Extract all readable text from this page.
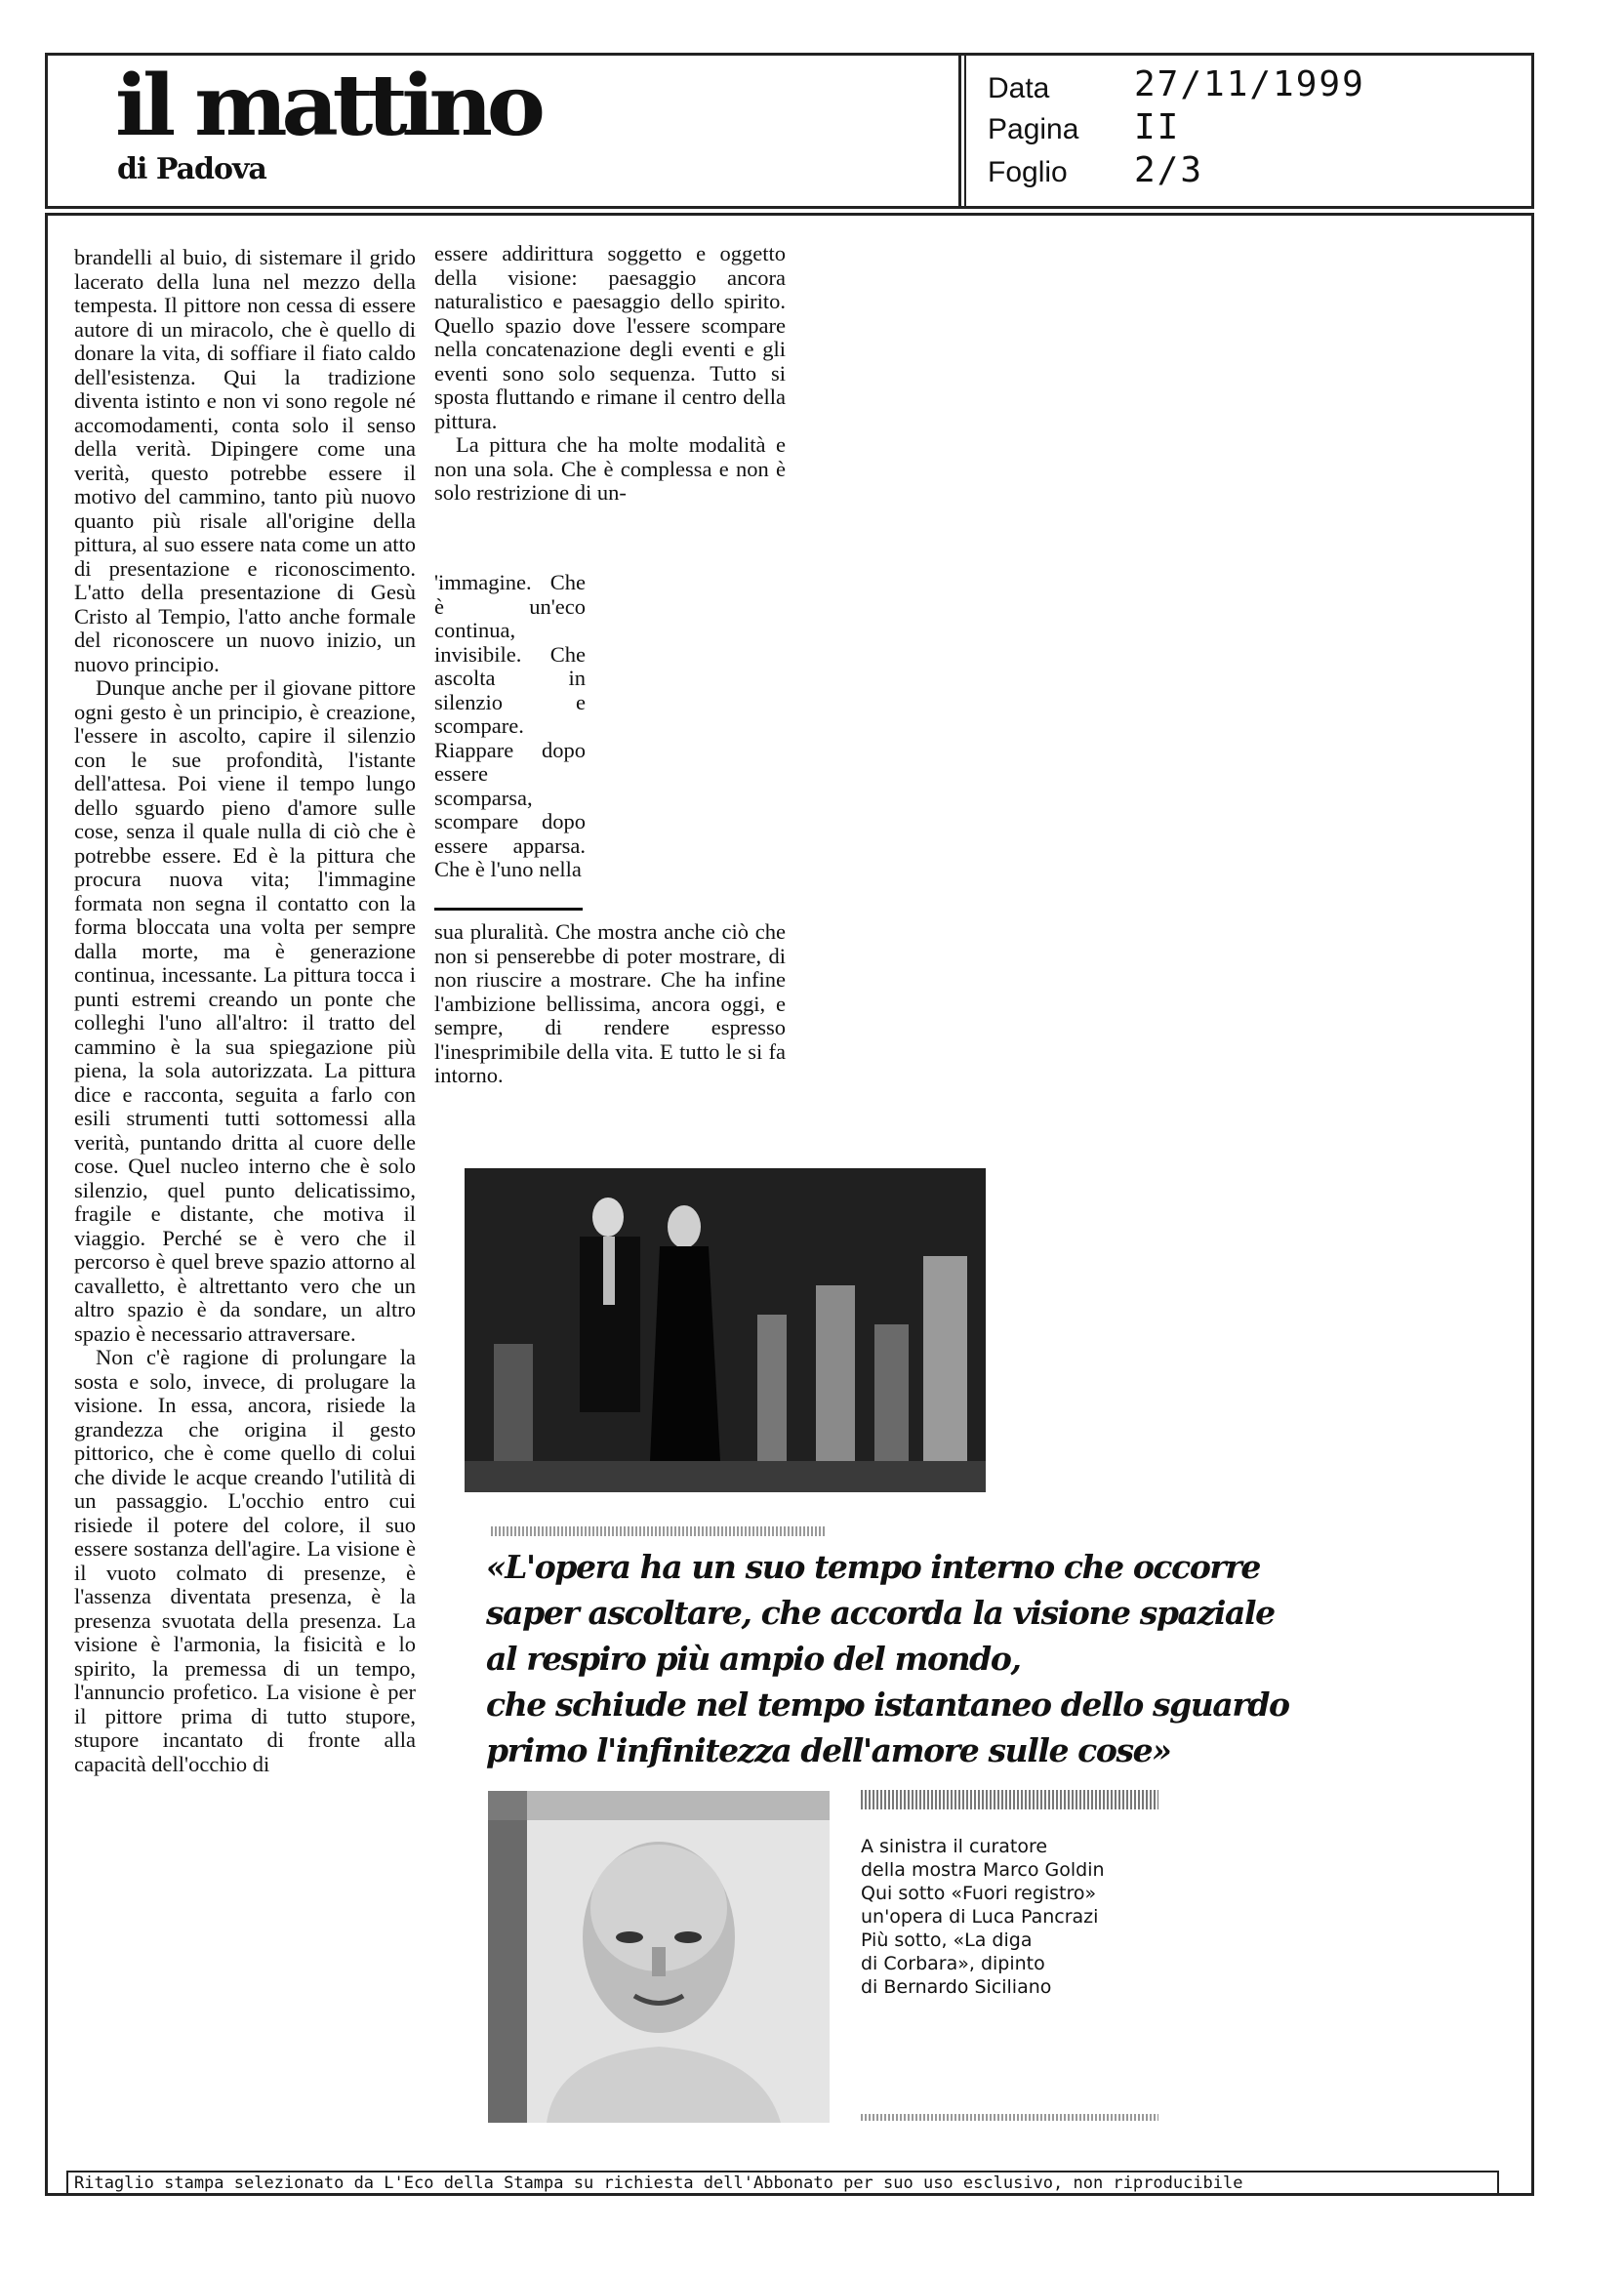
il mattino
di Padova
Data 27/11/1999
Pagina II
Foglio 2/3

brandelli al buio, di sistemare il grido lacerato della luna nel mezzo della tempesta. Il pittore non cessa di essere autore di un miracolo, che è quello di donare la vita, di soffiare il fiato caldo dell'esistenza. Qui la tradizione diventa istinto e non vi sono regole né accomodamenti, conta solo il senso della verità. Dipingere come una verità, questo potrebbe essere il motivo del cammino, tanto più nuovo quanto più risale all'origine della pittura, al suo essere nata come un atto di presentazione e riconoscimento. L'atto della presentazione di Gesù Cristo al Tempio, l'atto anche formale del riconoscere un nuovo inizio, un nuovo principio.

Dunque anche per il giovane pittore ogni gesto è un principio, è creazione, l'essere in ascolto, capire il silenzio con le sue profondità, l'istante dell'attesa. Poi viene il tempo lungo dello sguardo pieno d'amore sulle cose, senza il quale nulla di ciò che è potrebbe essere. Ed è la pittura che procura nuova vita; l'immagine formata non segna il contatto con la forma bloccata una volta per sempre dalla morte, ma è generazione continua, incessante. La pittura tocca i punti estremi creando un ponte che colleghi l'uno all'altro: il tratto del cammino è la sua spiegazione più piena, la sola autorizzata. La pittura dice e racconta, seguita a farlo con esili strumenti tutti sottomessi alla verità, puntando dritta al cuore delle cose. Quel nucleo interno che è solo silenzio, quel punto delicatissimo, fragile e distante, che motiva il viaggio. Perché se è vero che il percorso è quel breve spazio attorno al cavalletto, è altrettanto vero che un altro spazio è da sondare, un altro spazio è necessario attraversare.

Non c'è ragione di prolungare la sosta e solo, invece, di prolugare la visione. In essa, ancora, risiede la grandezza che origina il gesto pittorico, che è come quello di colui che divide le acque creando l'utilità di un passaggio. L'occhio entro cui risiede il potere del colore, il suo essere sostanza dell'agire. La visione è il vuoto colmato di presenze, è l'assenza diventata presenza, è la presenza svuotata della presenza. La visione è l'armonia, la fisicità e lo spirito, la premessa di un tempo, l'annuncio profetico. La visione è per il pittore prima di tutto stupore, stupore incantato di fronte alla capacità dell'occhio di

essere addirittura soggetto e oggetto della visione: paesaggio ancora naturalistico e paesaggio dello spirito. Quello spazio dove l'essere scompare nella concatenazione degli eventi e gli eventi sono solo sequenza. Tutto si sposta fluttando e rimane il centro della pittura.

La pittura che ha molte modalità e non una sola. Che è complessa e non è solo restrizione di un-

'immagine. Che è un'eco continua, invisibile. Che ascolta in silenzio e scompare. Riappare dopo essere scomparsa, scompare dopo essere apparsa. Che è l'uno nella

sua pluralità. Che mostra anche ciò che non si penserebbe di poter mostrare, di non riuscire a mostrare. Che ha infine l'ambizione bellissima, ancora oggi, e sempre, di rendere espresso l'inesprimibile della vita. E tutto le si fa intorno.

«L'opera ha un suo tempo interno che occorre

saper ascoltare, che accorda la visione spaziale

al respiro più ampio del mondo,

che schiude nel tempo istantaneo dello sguardo

primo l'infinitezza dell'amore sulle cose»

A sinistra il curatore

della mostra Marco Goldin

Qui sotto «Fuori registro»

un'opera di Luca Pancrazi

Più sotto, «La diga

di Corbara», dipinto

di Bernardo Siciliano

Ritaglio stampa selezionato da L'Eco della Stampa su richiesta dell'Abbonato per suo uso esclusivo, non riproducibile
